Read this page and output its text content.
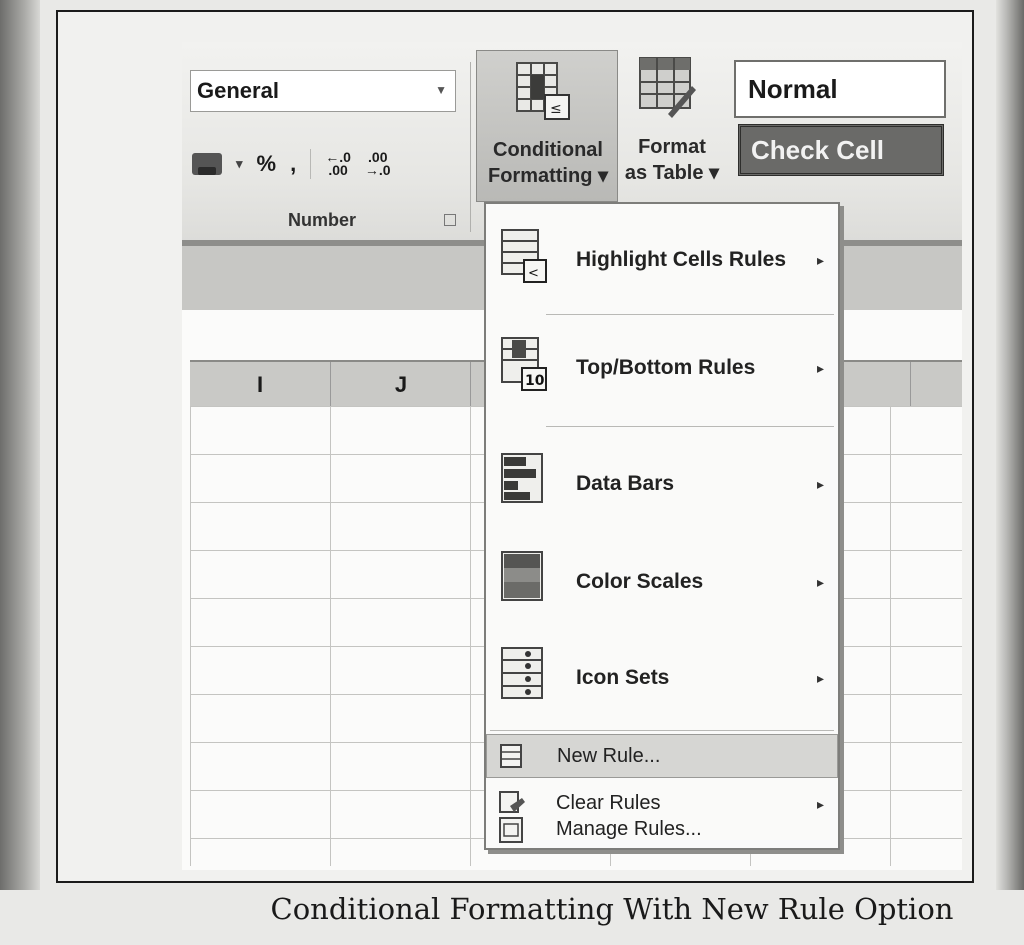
General	▼
▾ % , ←.0
.00
.00
→.0
Number
≤
Conditional
Formatting ▾
Format
as Table ▾
Normal
Check Cell
I	J
<
Highlight Cells Rules ▸
10
Top/Bottom Rules	▸
Data Bars	▸
Color Scales	▸
Icon Sets	▸
New Rule...
Clear Rules	▸
Manage Rules...
Conditional Formatting With New Rule Option
